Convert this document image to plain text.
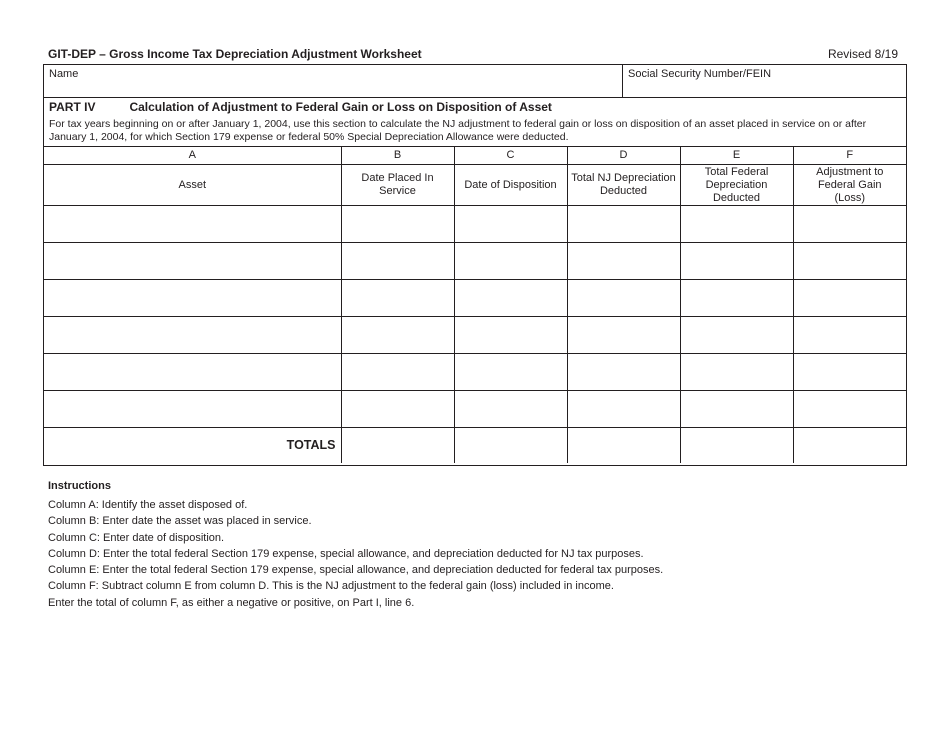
GIT-DEP – Gross Income Tax Depreciation Adjustment Worksheet	Revised 8/19
Name	Social Security Number/FEIN
PART IV	Calculation of Adjustment to Federal Gain or Loss on Disposition of Asset
For tax years beginning on or after January 1, 2004, use this section to calculate the NJ adjustment to federal gain or loss on disposition of an asset placed in service on or after January 1, 2004, for which Section 179 expense or federal 50% Special Depreciation Allowance were deducted.
A	B	C	D	E	F
Asset	Date Placed In Service	Date of Disposition	Total NJ Depreciation Deducted	Total Federal Depreciation Deducted	Adjustment to Federal Gain (Loss)

TOTALS					
Instructions
Column A: Identify the asset disposed of.
Column B: Enter date the asset was placed in service.
Column C: Enter date of disposition.
Column D: Enter the total federal Section 179 expense, special allowance, and depreciation deducted for NJ tax purposes.
Column E: Enter the total federal Section 179 expense, special allowance, and depreciation deducted for federal tax purposes.
Column F: Subtract column E from column D. This is the NJ adjustment to the federal gain (loss) included in income.
Enter the total of column F, as either a negative or positive, on Part I, line 6.
